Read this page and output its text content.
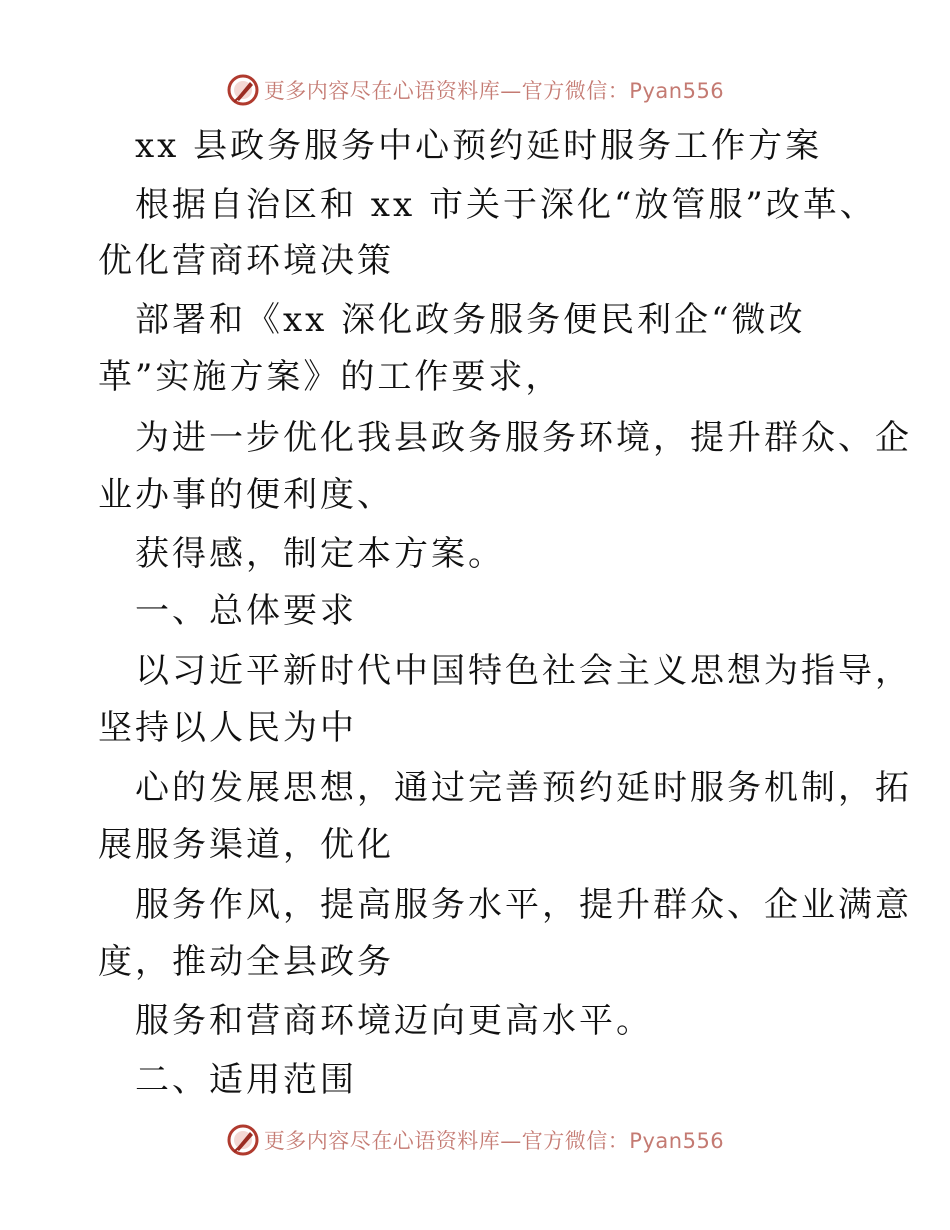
更多内容尽在心语资料库—官方微信：Pyan556
xx 县政务服务中心预约延时服务工作方案
根据自治区和 xx 市关于深化“放管服”改革、
优化营商环境决策
部署和《xx 深化政务服务便民利企“微改
革”实施方案》的工作要求，
为进一步优化我县政务服务环境，提升群众、企
业办事的便利度、
获得感，制定本方案。
一、总体要求
以习近平新时代中国特色社会主义思想为指导，
坚持以人民为中
心的发展思想，通过完善预约延时服务机制，拓
展服务渠道，优化
服务作风，提高服务水平，提升群众、企业满意
度，推动全县政务
服务和营商环境迈向更高水平。
二、适用范围
更多内容尽在心语资料库—官方微信：Pyan556
